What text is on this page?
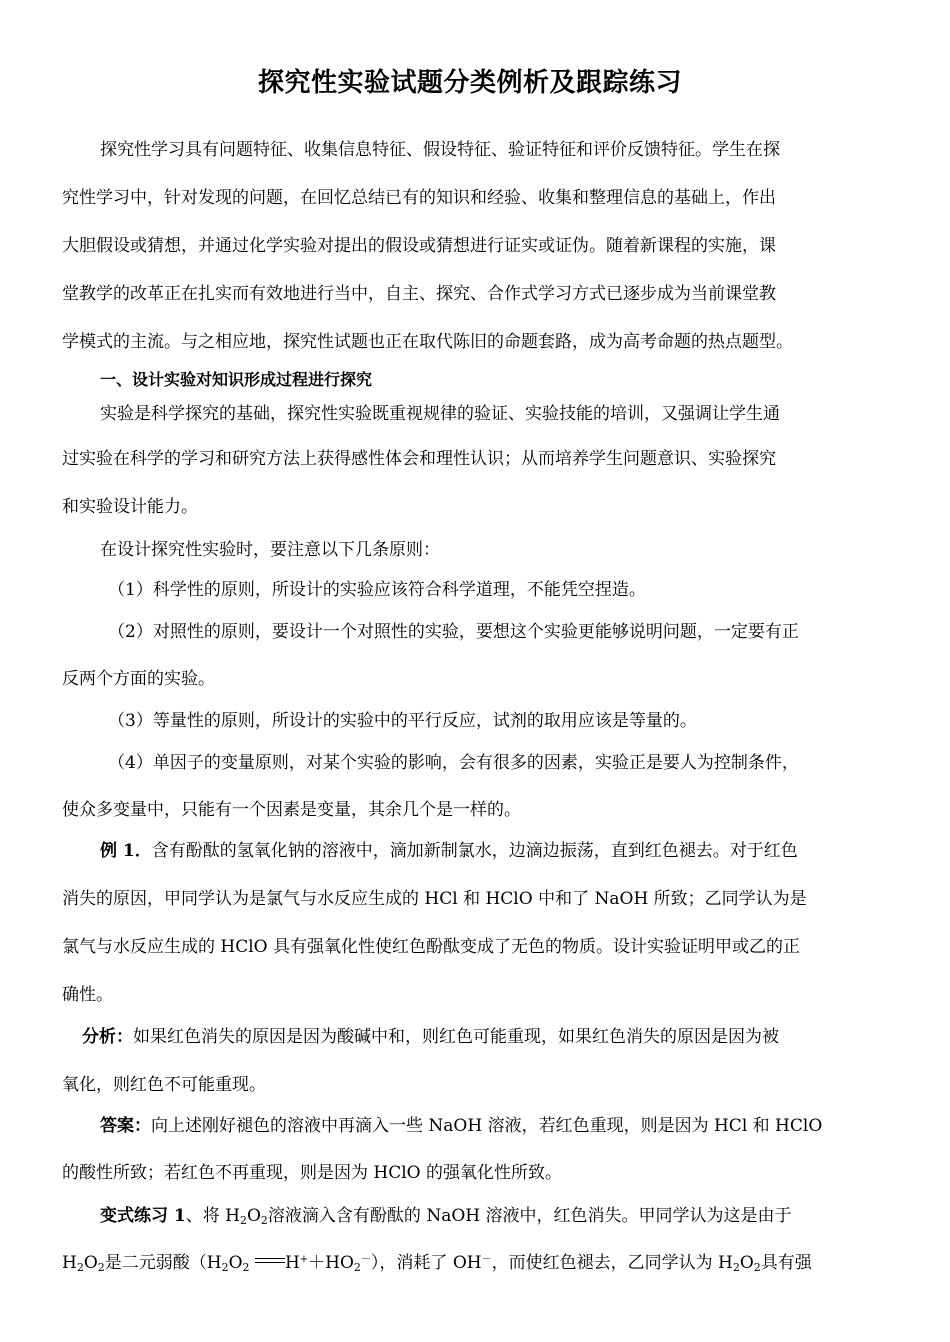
探究性实验试题分类例析及跟踪练习
探究性学习具有问题特征、收集信息特征、假设特征、验证特征和评价反馈特征。学生在探
究性学习中，针对发现的问题，在回忆总结已有的知识和经验、收集和整理信息的基础上，作出
大胆假设或猜想，并通过化学实验对提出的假设或猜想进行证实或证伪。随着新课程的实施，课
堂教学的改革正在扎实而有效地进行当中，自主、探究、合作式学习方式已逐步成为当前课堂教
学模式的主流。与之相应地，探究性试题也正在取代陈旧的命题套路，成为高考命题的热点题型。
一、设计实验对知识形成过程进行探究
实验是科学探究的基础，探究性实验既重视规律的验证、实验技能的培训，又强调让学生通
过实验在科学的学习和研究方法上获得感性体会和理性认识；从而培养学生问题意识、实验探究
和实验设计能力。
在设计探究性实验时，要注意以下几条原则：
（1）科学性的原则，所设计的实验应该符合科学道理，不能凭空捏造。
（2）对照性的原则，要设计一个对照性的实验，要想这个实验更能够说明问题，一定要有正
反两个方面的实验。
（3）等量性的原则，所设计的实验中的平行反应，试剂的取用应该是等量的。
（4）单因子的变量原则，对某个实验的影响，会有很多的因素，实验正是要人为控制条件，
使众多变量中，只能有一个因素是变量，其余几个是一样的。
例 1．含有酚酞的氢氧化钠的溶液中，滴加新制氯水，边滴边振荡，直到红色褪去。对于红色
消失的原因，甲同学认为是氯气与水反应生成的 HCl 和 HClO 中和了 NaOH 所致；乙同学认为是
氯气与水反应生成的 HClO 具有强氧化性使红色酚酞变成了无色的物质。设计实验证明甲或乙的正
确性。
分析：如果红色消失的原因是因为酸碱中和，则红色可能重现，如果红色消失的原因是因为被
氧化，则红色不可能重现。
答案：向上述刚好褪色的溶液中再滴入一些 NaOH 溶液，若红色重现，则是因为 HCl 和 HClO
的酸性所致；若红色不再重现，则是因为 HClO 的强氧化性所致。
变式练习 1、将 $H_2O_2$溶液滴入含有酚酞的 NaOH 溶液中，红色消失。甲同学认为这是由于
$H_2O_2$是二元弱酸（$H_2O_2$ $H^++HO_2^-$），消耗了 OH－，而使红色褪去，乙同学认为 $H_2O_2$具有强
